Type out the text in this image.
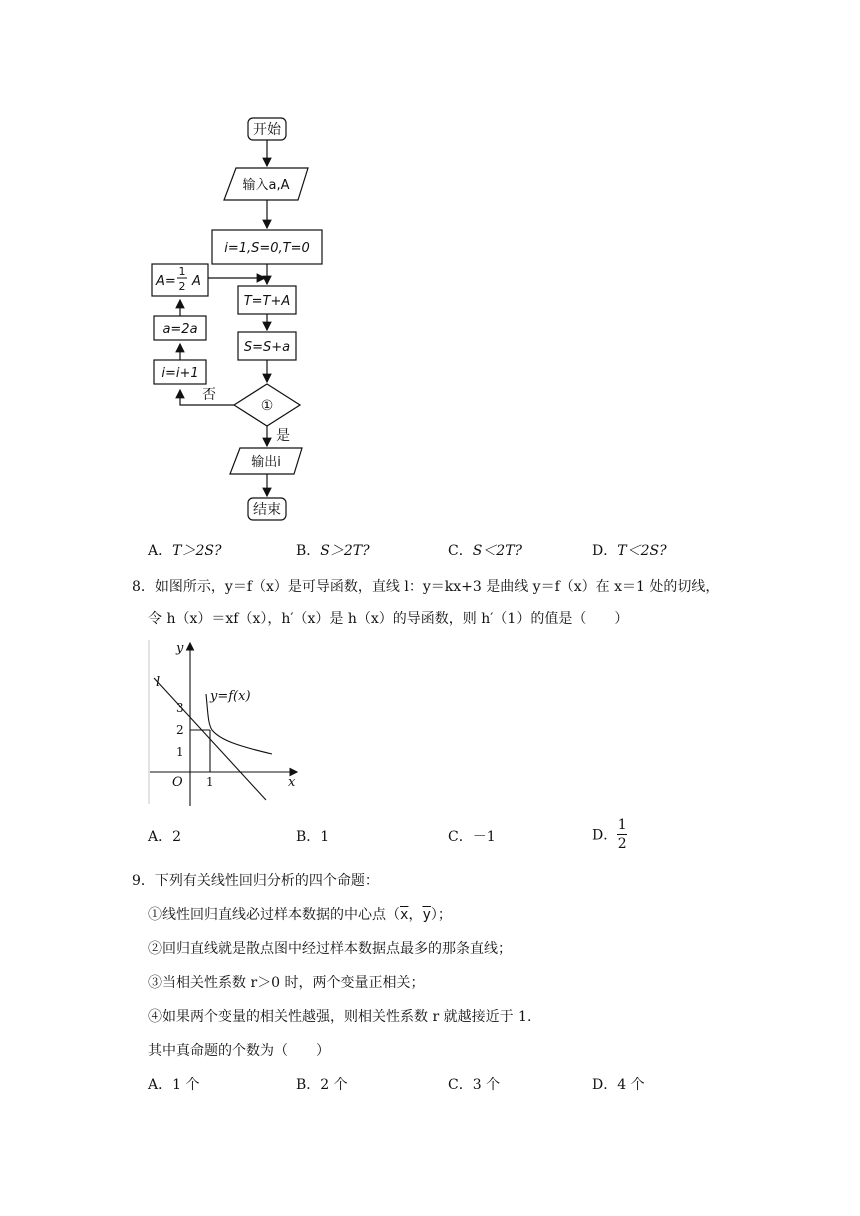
开始
输入a,A
i=1,S=0,T=0
T=T+A
S=S+a
①
否
是
输出i
结束
i=i+1
a=2a
A=
1
2 A
A．T＞2S?	B．S＞2T?	C．S＜2T?	D．T＜2S?
8．如图所示，y＝f（x）是可导函数，直线 l：y＝kx+3 是曲线 y＝f（x）在 x＝1 处的切线，
令 h（x）＝xf（x），h′（x）是 h（x）的导函数，则 h′（1）的值是（　　）
y
x
O
l
y=f(x)
3
2
1
1
A．2	B．1	C．－1	D． $\frac{1}{2}$
9．下列有关线性回归分析的四个命题：
①线性回归直线必过样本数据的中心点（$\overline{x}$，$\overline{y}$）；
②回归直线就是散点图中经过样本数据点最多的那条直线；
③当相关性系数 r＞0 时，两个变量正相关；
④如果两个变量的相关性越强，则相关性系数 r 就越接近于 1.
其中真命题的个数为（　　）
A．1 个	B．2 个	C．3 个	D．4 个
